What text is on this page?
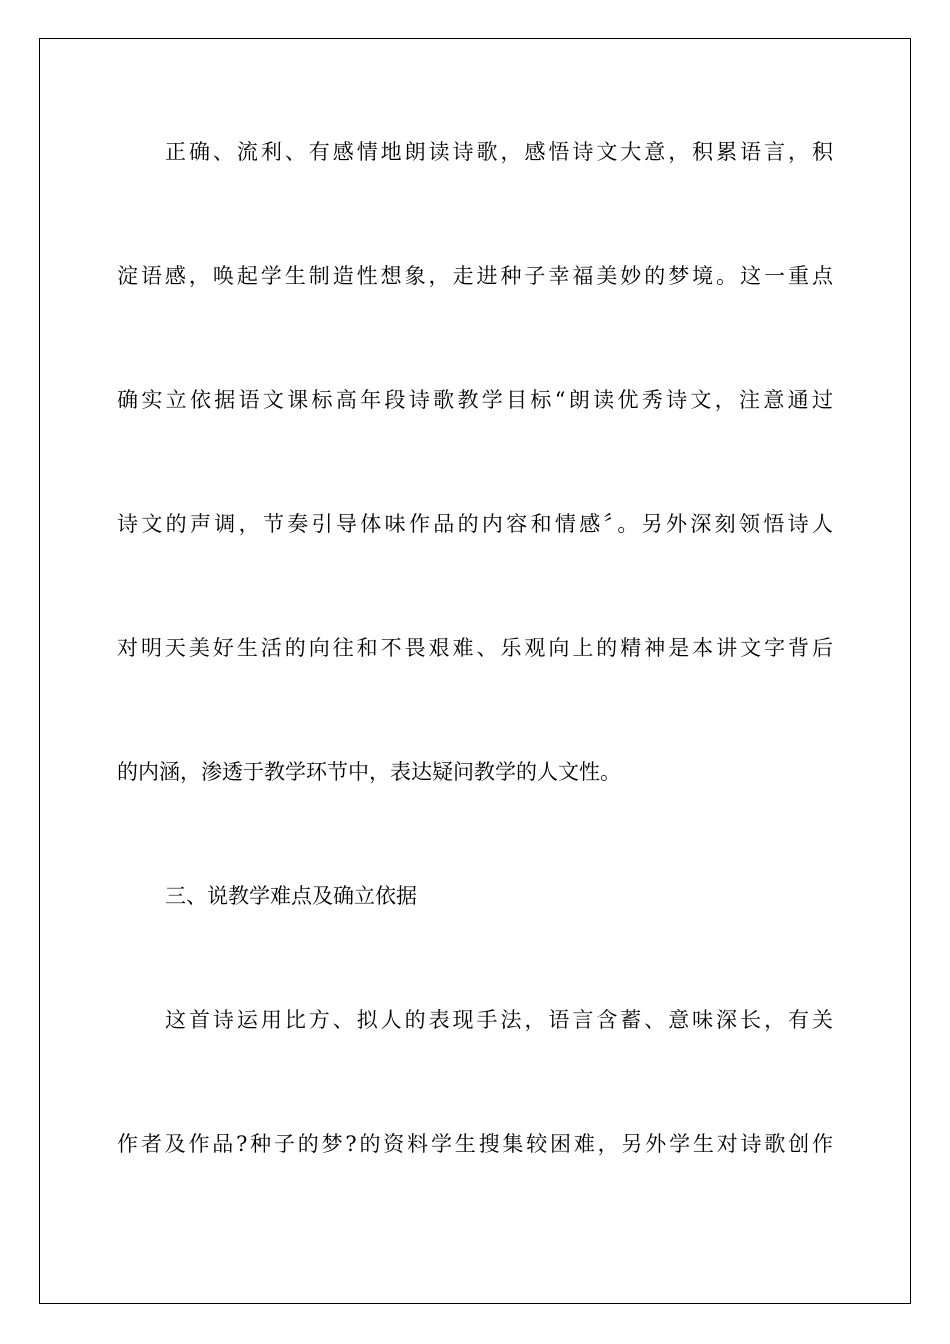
正确、流利、有感情地朗读诗歌，感悟诗文大意，积累语言，积
淀语感，唤起学生制造性想象，走进种子幸福美妙的梦境。这一重点
确实立依据语文课标高年段诗歌教学目标“朗读优秀诗文，注意通过
诗文的声调，节奏引导体味作品的内容和情感〞。另外深刻领悟诗人
对明天美好生活的向往和不畏艰难、乐观向上的精神是本讲文字背后
的内涵，渗透于教学环节中，表达疑问教学的人文性。
三、说教学难点及确立依据
这首诗运用比方、拟人的表现手法，语言含蓄、意味深长，有关
作者及作品?种子的梦?的资料学生搜集较困难，另外学生对诗歌创作
